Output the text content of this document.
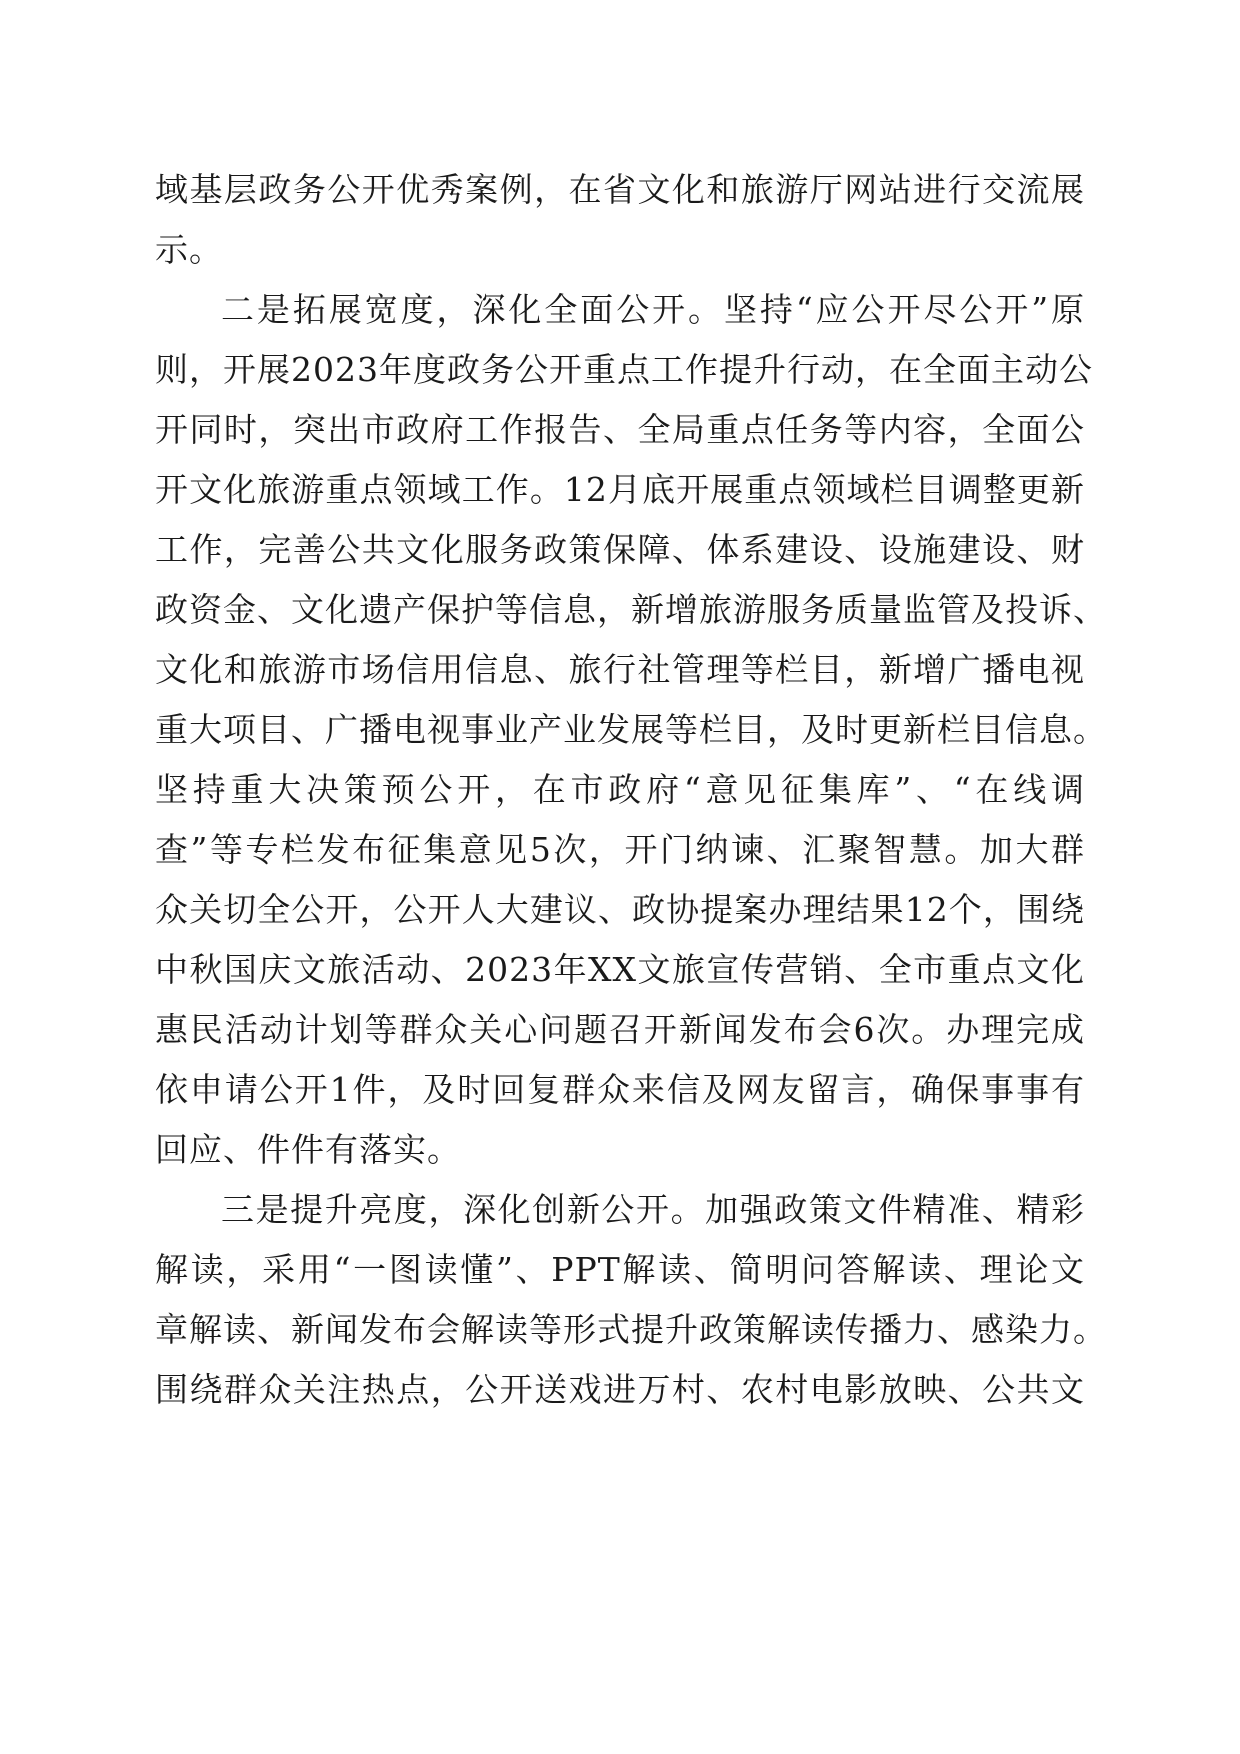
域基层政务公开优秀案例，在省文化和旅游厅网站进行交流展
示。
二是拓展宽度，深化全面公开。坚持“应公开尽公开”原
则，开展2023年度政务公开重点工作提升行动，在全面主动公
开同时，突出市政府工作报告、全局重点任务等内容，全面公
开文化旅游重点领域工作。12月底开展重点领域栏目调整更新
工作，完善公共文化服务政策保障、体系建设、设施建设、财
政资金、文化遗产保护等信息，新增旅游服务质量监管及投诉、
文化和旅游市场信用信息、旅行社管理等栏目，新增广播电视
重大项目、广播电视事业产业发展等栏目，及时更新栏目信息。
坚持重大决策预公开，在市政府“意见征集库”、“在线调
查”等专栏发布征集意见5次，开门纳谏、汇聚智慧。加大群
众关切全公开，公开人大建议、政协提案办理结果12个，围绕
中秋国庆文旅活动、2023年XX文旅宣传营销、全市重点文化
惠民活动计划等群众关心问题召开新闻发布会6次。办理完成
依申请公开1件，及时回复群众来信及网友留言，确保事事有
回应、件件有落实。
三是提升亮度，深化创新公开。加强政策文件精准、精彩
解读，采用“一图读懂”、PPT解读、简明问答解读、理论文
章解读、新闻发布会解读等形式提升政策解读传播力、感染力。
围绕群众关注热点，公开送戏进万村、农村电影放映、公共文
